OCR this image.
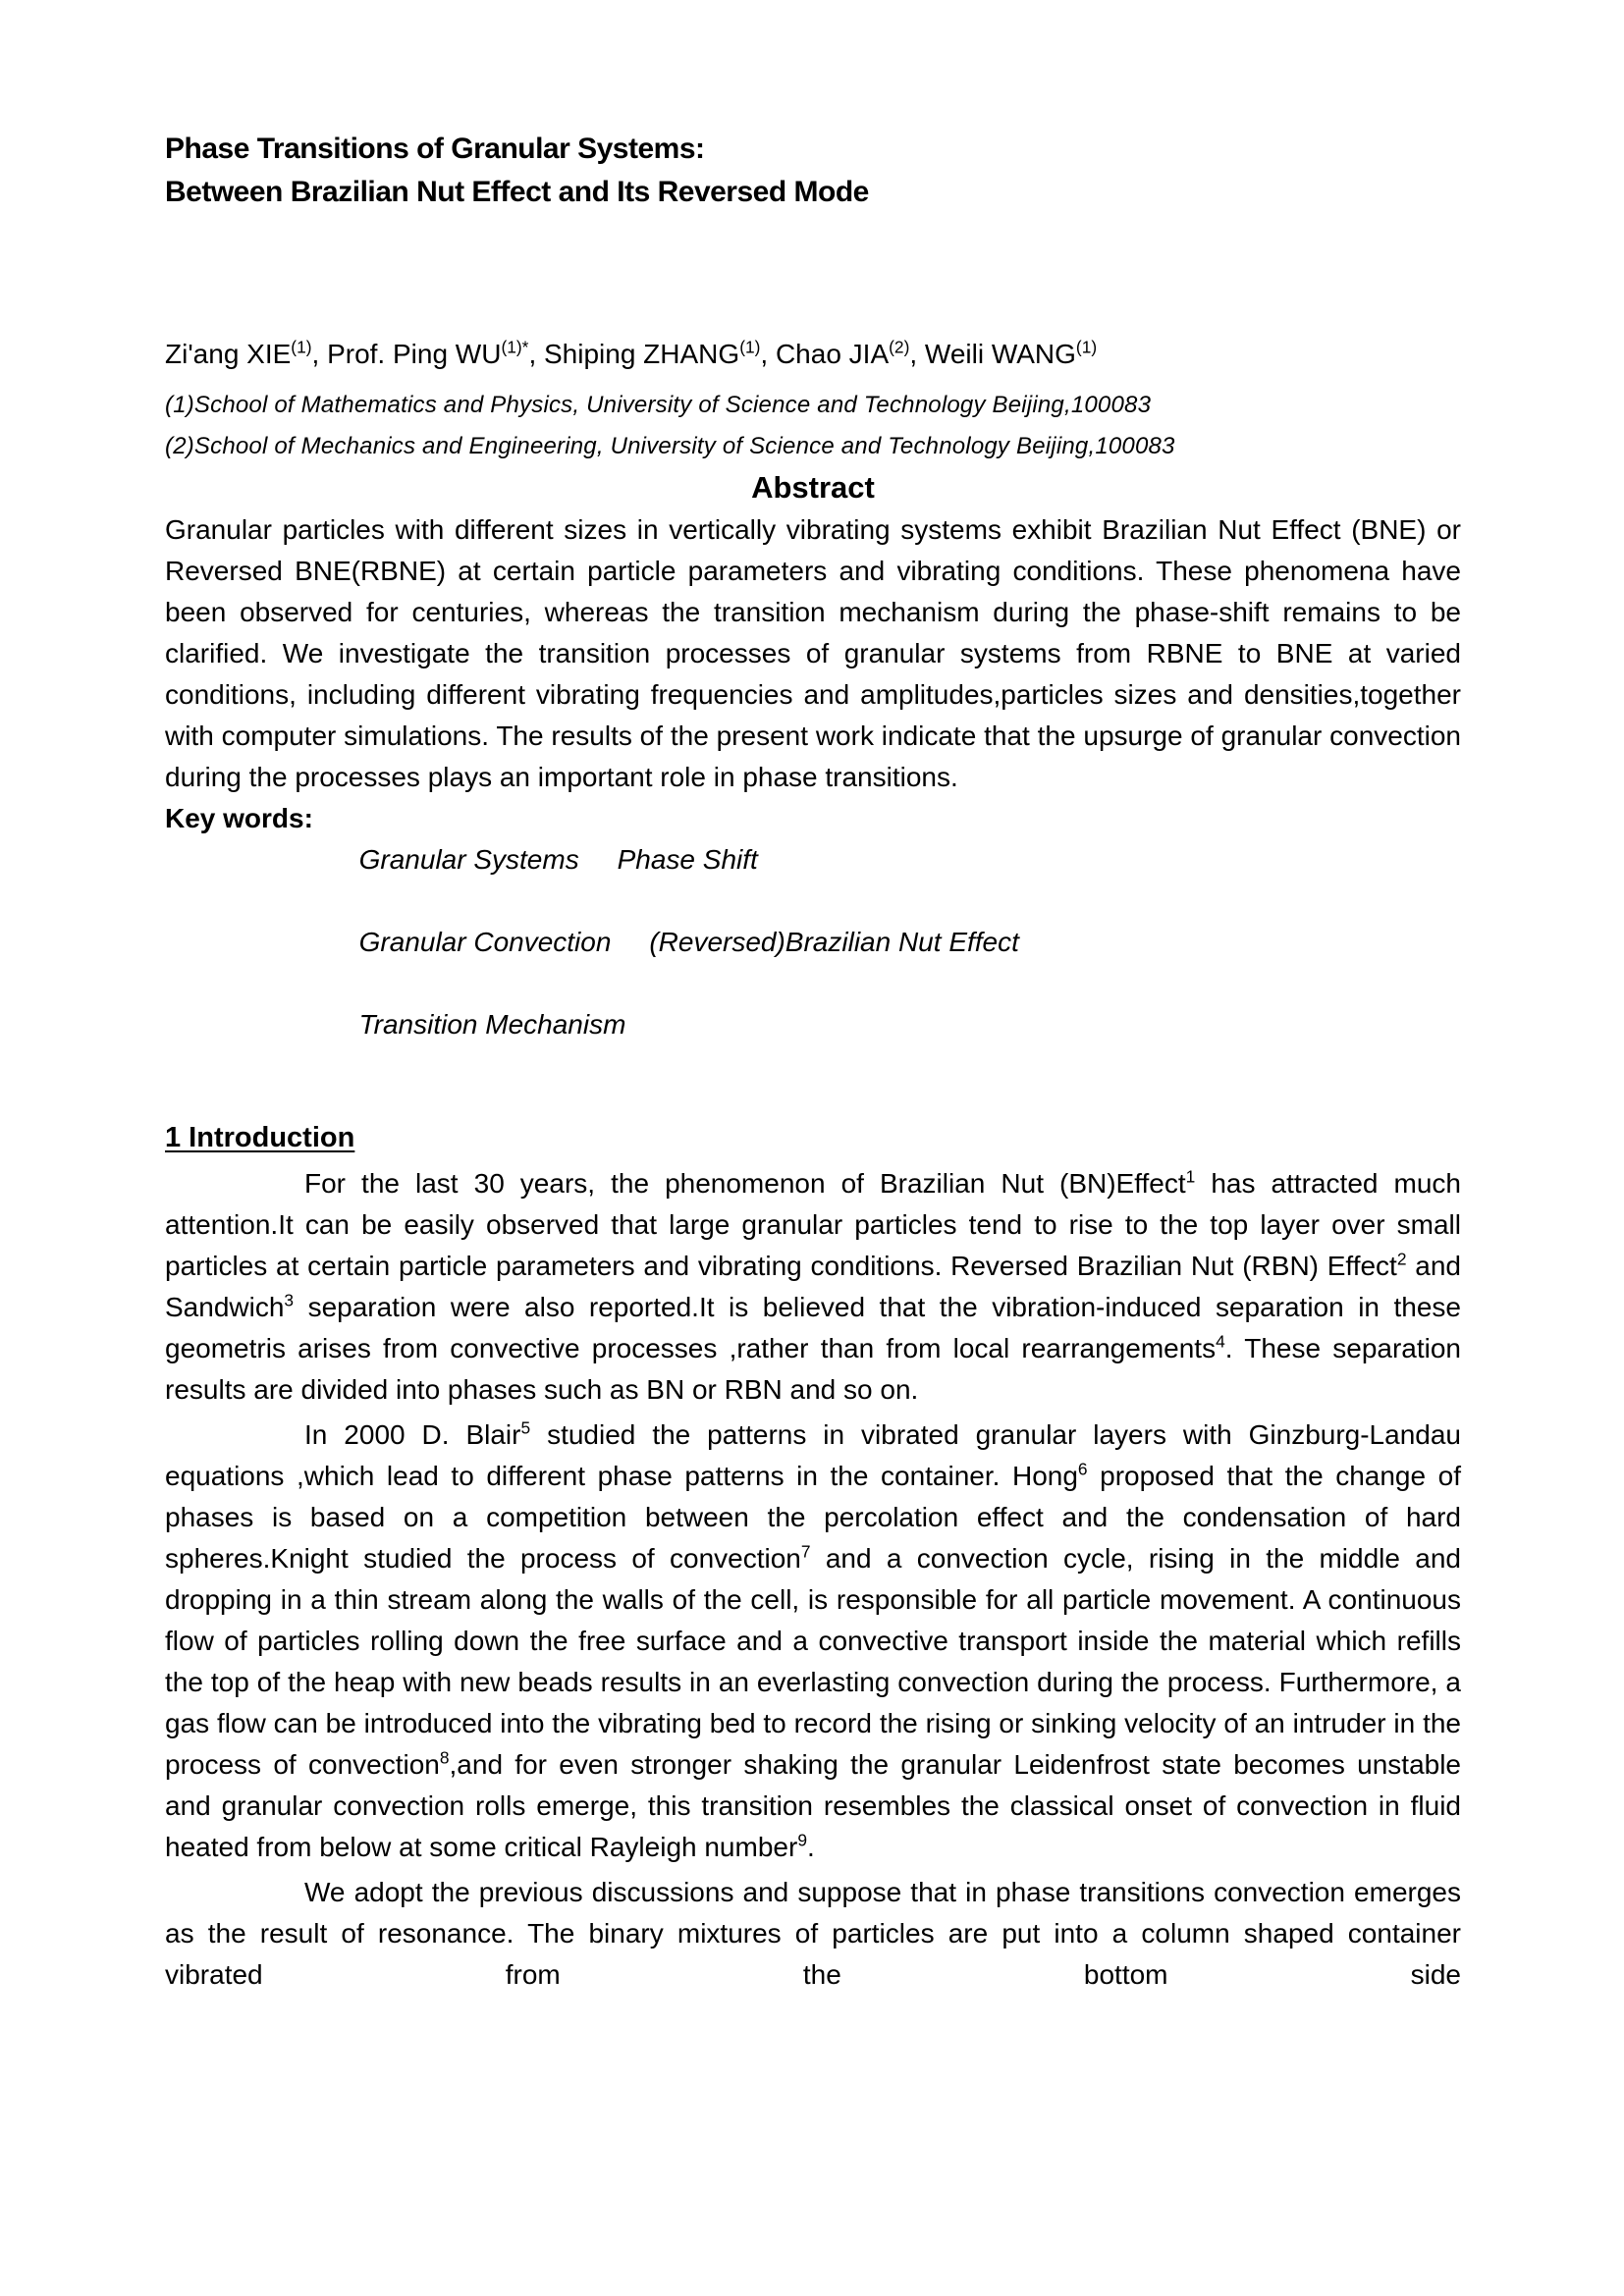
Phase Transitions of Granular Systems:
Between Brazilian Nut Effect and Its Reversed Mode
Zi'ang XIE$^{(1)}$, Prof. Ping $WU^{(1)*}$, Shiping ZHANG$^{(1)}$, Chao JIA$^{(2)}$, Weili WANG$^{(1)}$
(1)School of Mathematics and Physics, University of Science and Technology Beijing,100083
(2)School of Mechanics and Engineering, University of Science and Technology Beijing,100083
Abstract
Granular particles with different sizes in vertically vibrating systems exhibit Brazilian Nut Effect (BNE) or Reversed BNE(RBNE) at certain particle parameters and vibrating conditions. These phenomena have been observed for centuries, whereas the transition mechanism during the phase-shift remains to be clarified. We investigate the transition processes of granular systems from RBNE to BNE at varied conditions, including different vibrating frequencies and amplitudes,particles sizes and densities,together with computer simulations. The results of the present work indicate that the upsurge of granular convection during the processes plays an important role in phase transitions.
Key words:

Granular Systems     Phase Shift

Granular Convection     (Reversed)Brazilian Nut Effect

Transition Mechanism

1 Introduction

For the last 30 years, the phenomenon of Brazilian Nut (BN)Effect$^1$ has attracted much attention.It can be easily observed that large granular particles tend to rise to the top layer over small particles at certain particle parameters and vibrating conditions. Reversed Brazilian Nut (RBN) Effect$^2$ and Sandwich$^3$ separation were also reported.It is believed that the vibration-induced separation in these geometris arises from convective processes ,rather than from local rearrangements$^4$. These separation results are divided into phases such as BN or RBN and so on.

In 2000 D. Blair$^5$ studied the patterns in vibrated granular layers with Ginzburg-Landau equations ,which lead to different phase patterns in the container. Hong$^6$ proposed that the change of phases is based on a competition between the percolation effect and the condensation of hard spheres.Knight studied the process of convection$^7$ and a convection cycle, rising in the middle and dropping in a thin stream along the walls of the cell, is responsible for all particle movement. A continuous flow of particles rolling down the free surface and a convective transport inside the material which refills the top of the heap with new beads results in an everlasting convection during the process. Furthermore, a gas flow can be introduced into the vibrating bed to record the rising or sinking velocity of an intruder in the process of convection$^8$,and for even stronger shaking the granular Leidenfrost state becomes unstable and granular convection rolls emerge, this transition resembles the classical onset of convection in fluid heated from below at some critical Rayleigh number$^9$.

We adopt the previous discussions and suppose that in phase transitions convection emerges as the result of resonance. The binary mixtures of particles are put into a column shaped container vibrated from the bottom side
